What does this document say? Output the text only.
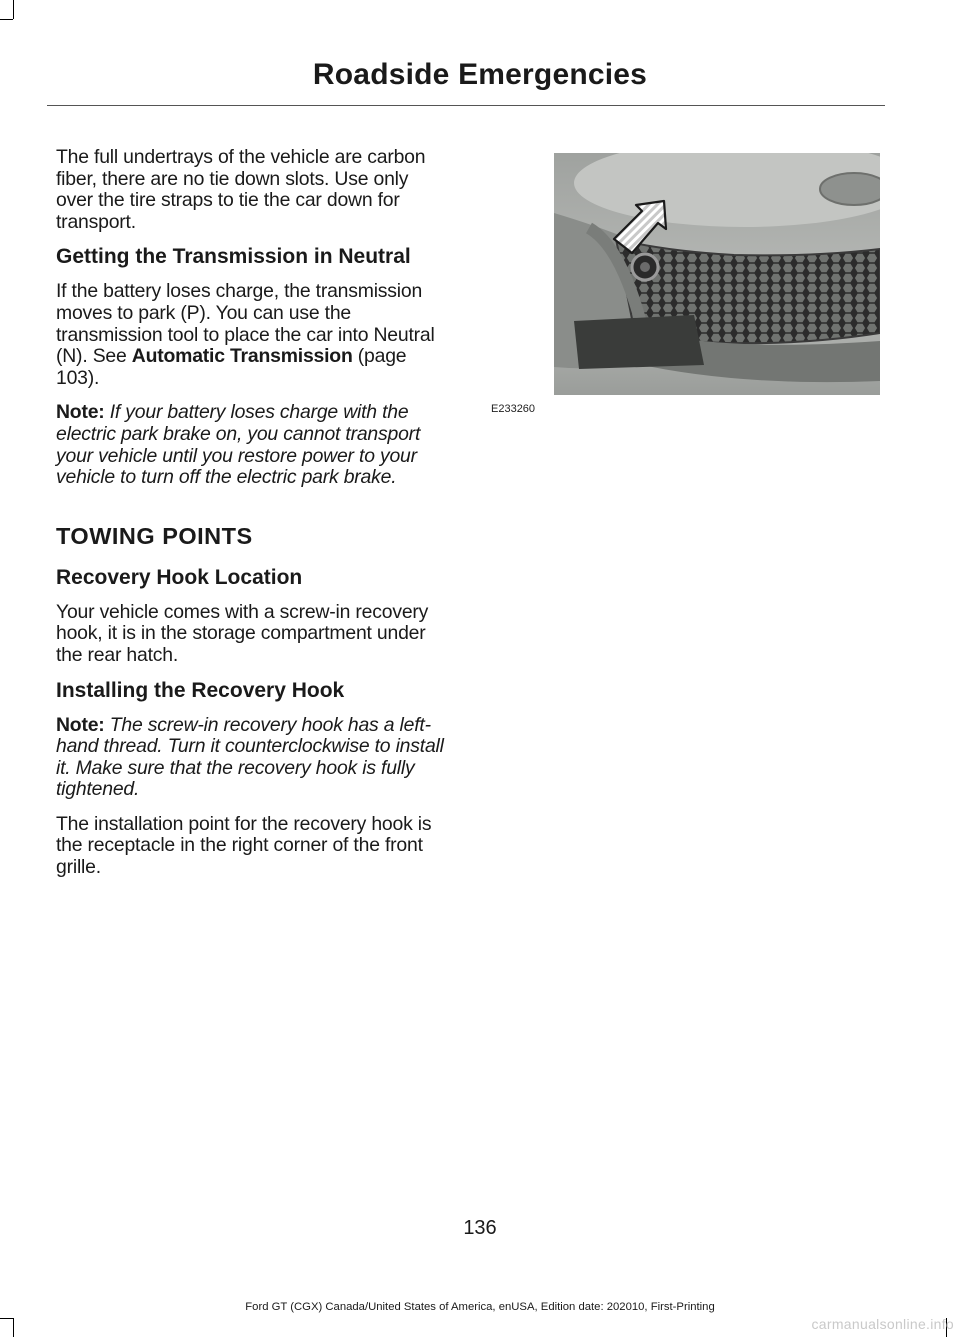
Roadside Emergencies

The full undertrays of the vehicle are carbon fiber, there are no tie down slots. Use only over the tire straps to tie the car down for transport.

Getting the Transmission in Neutral

If the battery loses charge, the transmission moves to park (P). You can use the transmission tool to place the car into Neutral (N). See Automatic Transmission (page 103).

Note: If your battery loses charge with the electric park brake on, you cannot transport your vehicle until you restore power to your vehicle to turn off the electric park brake.

TOWING POINTS
Recovery Hook Location

Your vehicle comes with a screw-in recovery hook, it is in the storage compartment under the rear hatch.

Installing the Recovery Hook

Note: The screw-in recovery hook has a left-hand thread. Turn it counterclockwise to install it. Make sure that the recovery hook is fully tightened.

The installation point for the recovery hook is the receptacle in the right corner of the front grille.

E233260
136
Ford GT (CGX) Canada/United States of America, enUSA, Edition date: 202010, First-Printing
carmanualsonline.info
